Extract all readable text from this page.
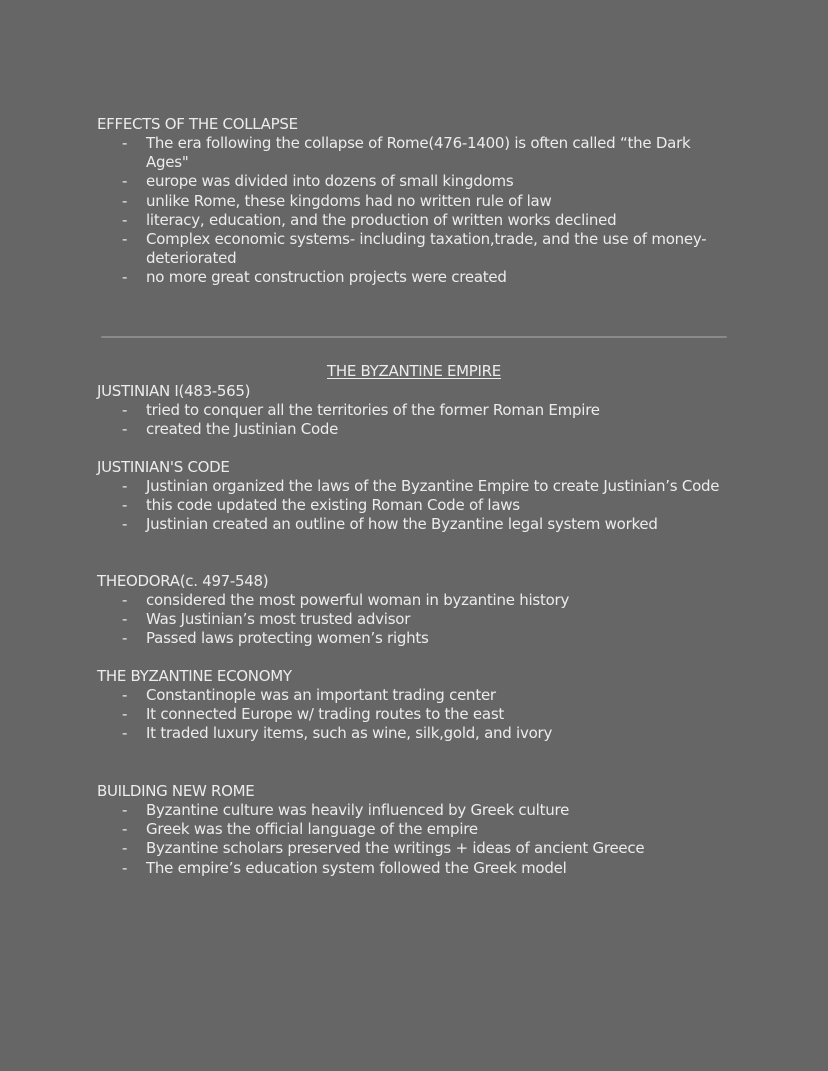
EFFECTS OF THE COLLAPSE
- The era following the collapse of Rome(476-1400) is often called “the Dark Ages"
- europe was divided into dozens of small kingdoms
- unlike Rome, these kingdoms had no written rule of law
- literacy, education, and the production of written works declined
- Complex economic systems- including taxation,trade, and the use of money- deteriorated
- no more great construction projects were created
THE BYZANTINE EMPIRE
JUSTINIAN I(483-565)
- tried to conquer all the territories of the former Roman Empire
- created the Justinian Code
JUSTINIAN'S CODE
- Justinian organized the laws of the Byzantine Empire to create Justinian’s Code
- this code updated the existing Roman Code of laws
- Justinian created an outline of how the Byzantine legal system worked
THEODORA(c. 497-548)
- considered the most powerful woman in byzantine history
- Was Justinian’s most trusted advisor
- Passed laws protecting women’s rights
THE BYZANTINE ECONOMY
- Constantinople was an important trading center
- It connected Europe w/ trading routes to the east
- It traded luxury items, such as wine, silk,gold, and ivory
BUILDING NEW ROME
- Byzantine culture was heavily influenced by Greek culture
- Greek was the official language of the empire
- Byzantine scholars preserved the writings + ideas of ancient Greece
- The empire’s education system followed the Greek model
